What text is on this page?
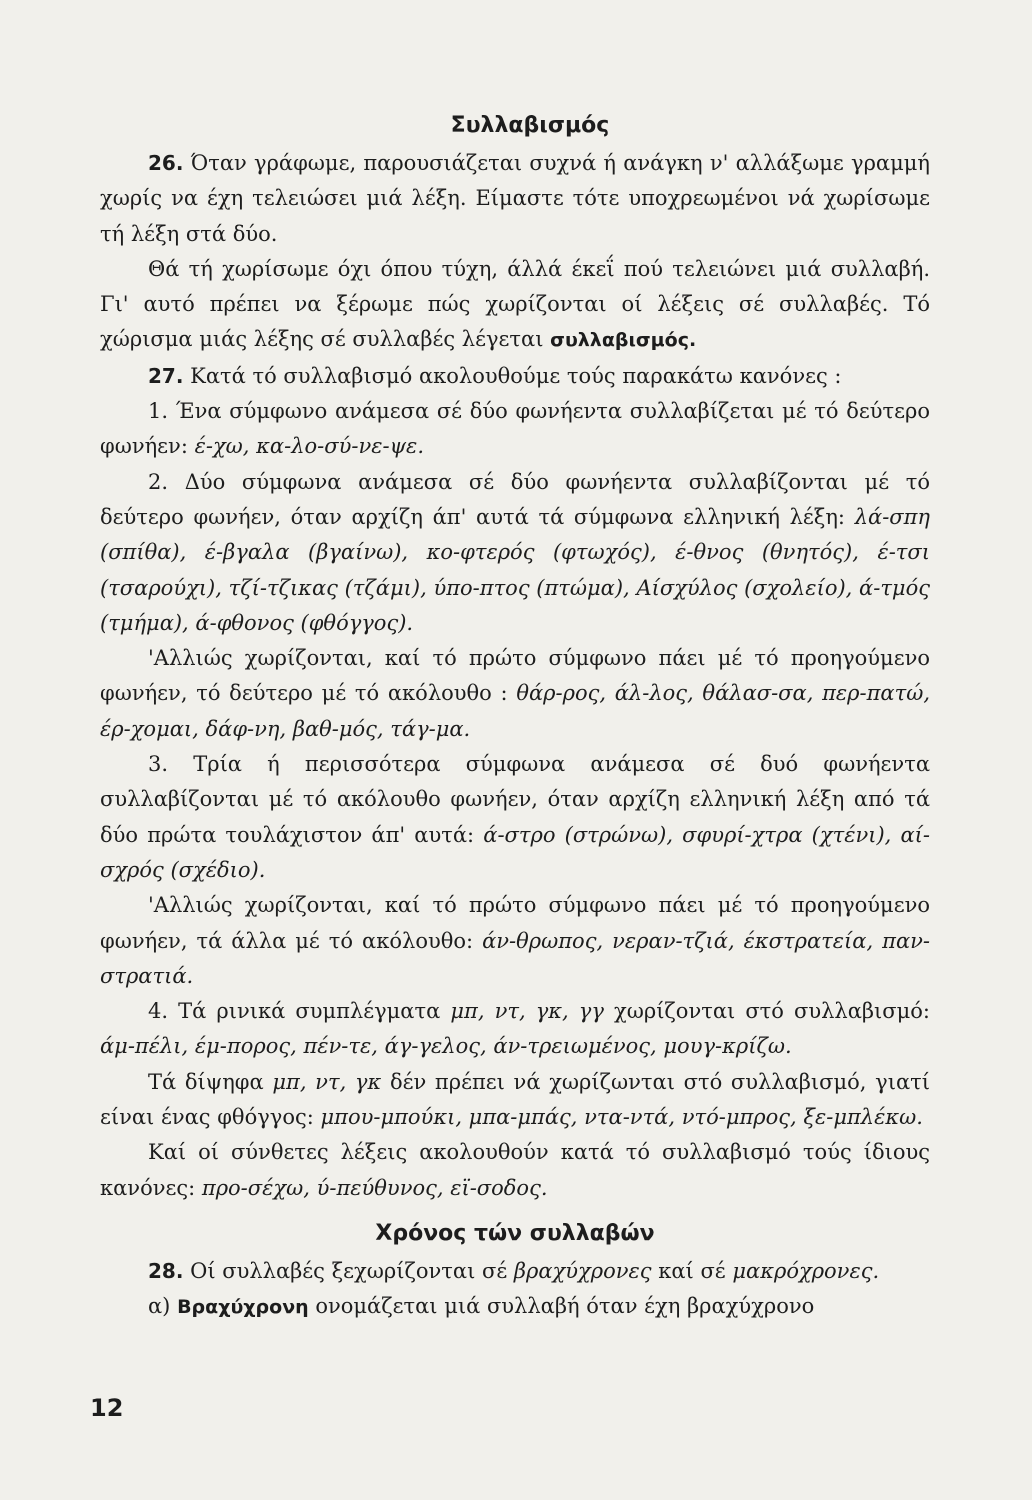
Συλλαβισμός

26. Όταν γράφωμε, παρουσιάζεται συχνά ή ανάγκη ν' αλλάξωμε γραμμή χωρίς να έχη τελειώσει μιά λέξη. Είμαστε τότε υποχρεωμένοι νά χωρίσωμε τή λέξη στά δύο.

Θά τή χωρίσωμε όχι όπου τύχη, άλλά έκεΐ πού τελειώνει μιά συλλαβή. Γι' αυτό πρέπει να ξέρωμε πώς χωρίζονται οί λέξεις σέ συλλαβές. Τό χώρισμα μιάς λέξης σέ συλλαβές λέγεται συλλαβισμός.

27. Κατά τό συλλαβισμό ακολουθούμε τούς παρακάτω κανόνες :

1. Ένα σύμφωνο ανάμεσα σέ δύο φωνήεντα συλλαβίζεται μέ τό δεύτερο φωνήεν: έ-χω, κα-λο-σύ-νε-ψε.

2. Δύο σύμφωνα ανάμεσα σέ δύο φωνήεντα συλλαβίζονται μέ τό δεύτερο φωνήεν, όταν αρχίζη άπ' αυτά τά σύμφωνα ελληνική λέξη: λά-σπη (σπίθα), έ-βγαλα (βγαίνω), κο-φτερός (φτωχός), έ-θνος (θνητός), έ-τσι (τσαρούχι), τζί-τζικας (τζάμι), ύπο-πτος (πτώμα), Αίσχύλος (σχολείο), ά-τμός (τμήμα), ά-φθονος (φθόγγος).

'Αλλιώς χωρίζονται, καί τό πρώτο σύμφωνο πάει μέ τό προηγούμενο φωνήεν, τό δεύτερο μέ τό ακόλουθο : θάρ-ρος, άλ-λος, θάλασ-σα, περ-πατώ, έρ-χομαι, δάφ-νη, βαθ-μός, τάγ-μα.

3. Τρία ή περισσότερα σύμφωνα ανάμεσα σέ δυό φωνήεντα συλλαβίζονται μέ τό ακόλουθο φωνήεν, όταν αρχίζη ελληνική λέξη από τά δύο πρώτα τουλάχιστον άπ' αυτά: ά-στρο (στρώνω), σφυρί-χτρα (χτένι), αί-σχρός (σχέδιο).

'Αλλιώς χωρίζονται, καί τό πρώτο σύμφωνο πάει μέ τό προηγούμενο φωνήεν, τά άλλα μέ τό ακόλουθο: άν-θρωπος, νεραν-τζιά, έκστρατεία, παν-στρατιά.

4. Τά ρινικά συμπλέγματα μπ, ντ, γκ, γγ χωρίζονται στό συλλαβισμό: άμ-πέλι, έμ-πορος, πέν-τε, άγ-γελος, άν-τρειωμένος, μουγ-κρίζω.

Τά δίψηφα μπ, ντ, γκ δέν πρέπει νά χωρίζωνται στό συλλαβισμό, γιατί είναι ένας φθόγγος: μπου-μπούκι, μπα-μπάς, ντα-ντά, ντό-μπρος, ξε-μπλέκω.

Καί οί σύνθετες λέξεις ακολουθούν κατά τό συλλαβισμό τούς ίδιους κανόνες: προ-σέχω, ύ-πεύθυνος, εϊ-σοδος.

Χρόνος τών συλλαβών

28. Οί συλλαβές ξεχωρίζονται σέ βραχύχρονες καί σέ μακρόχρονες.

α) Βραχύχρονη ονομάζεται μιά συλλαβή όταν έχη βραχύχρονο

12
